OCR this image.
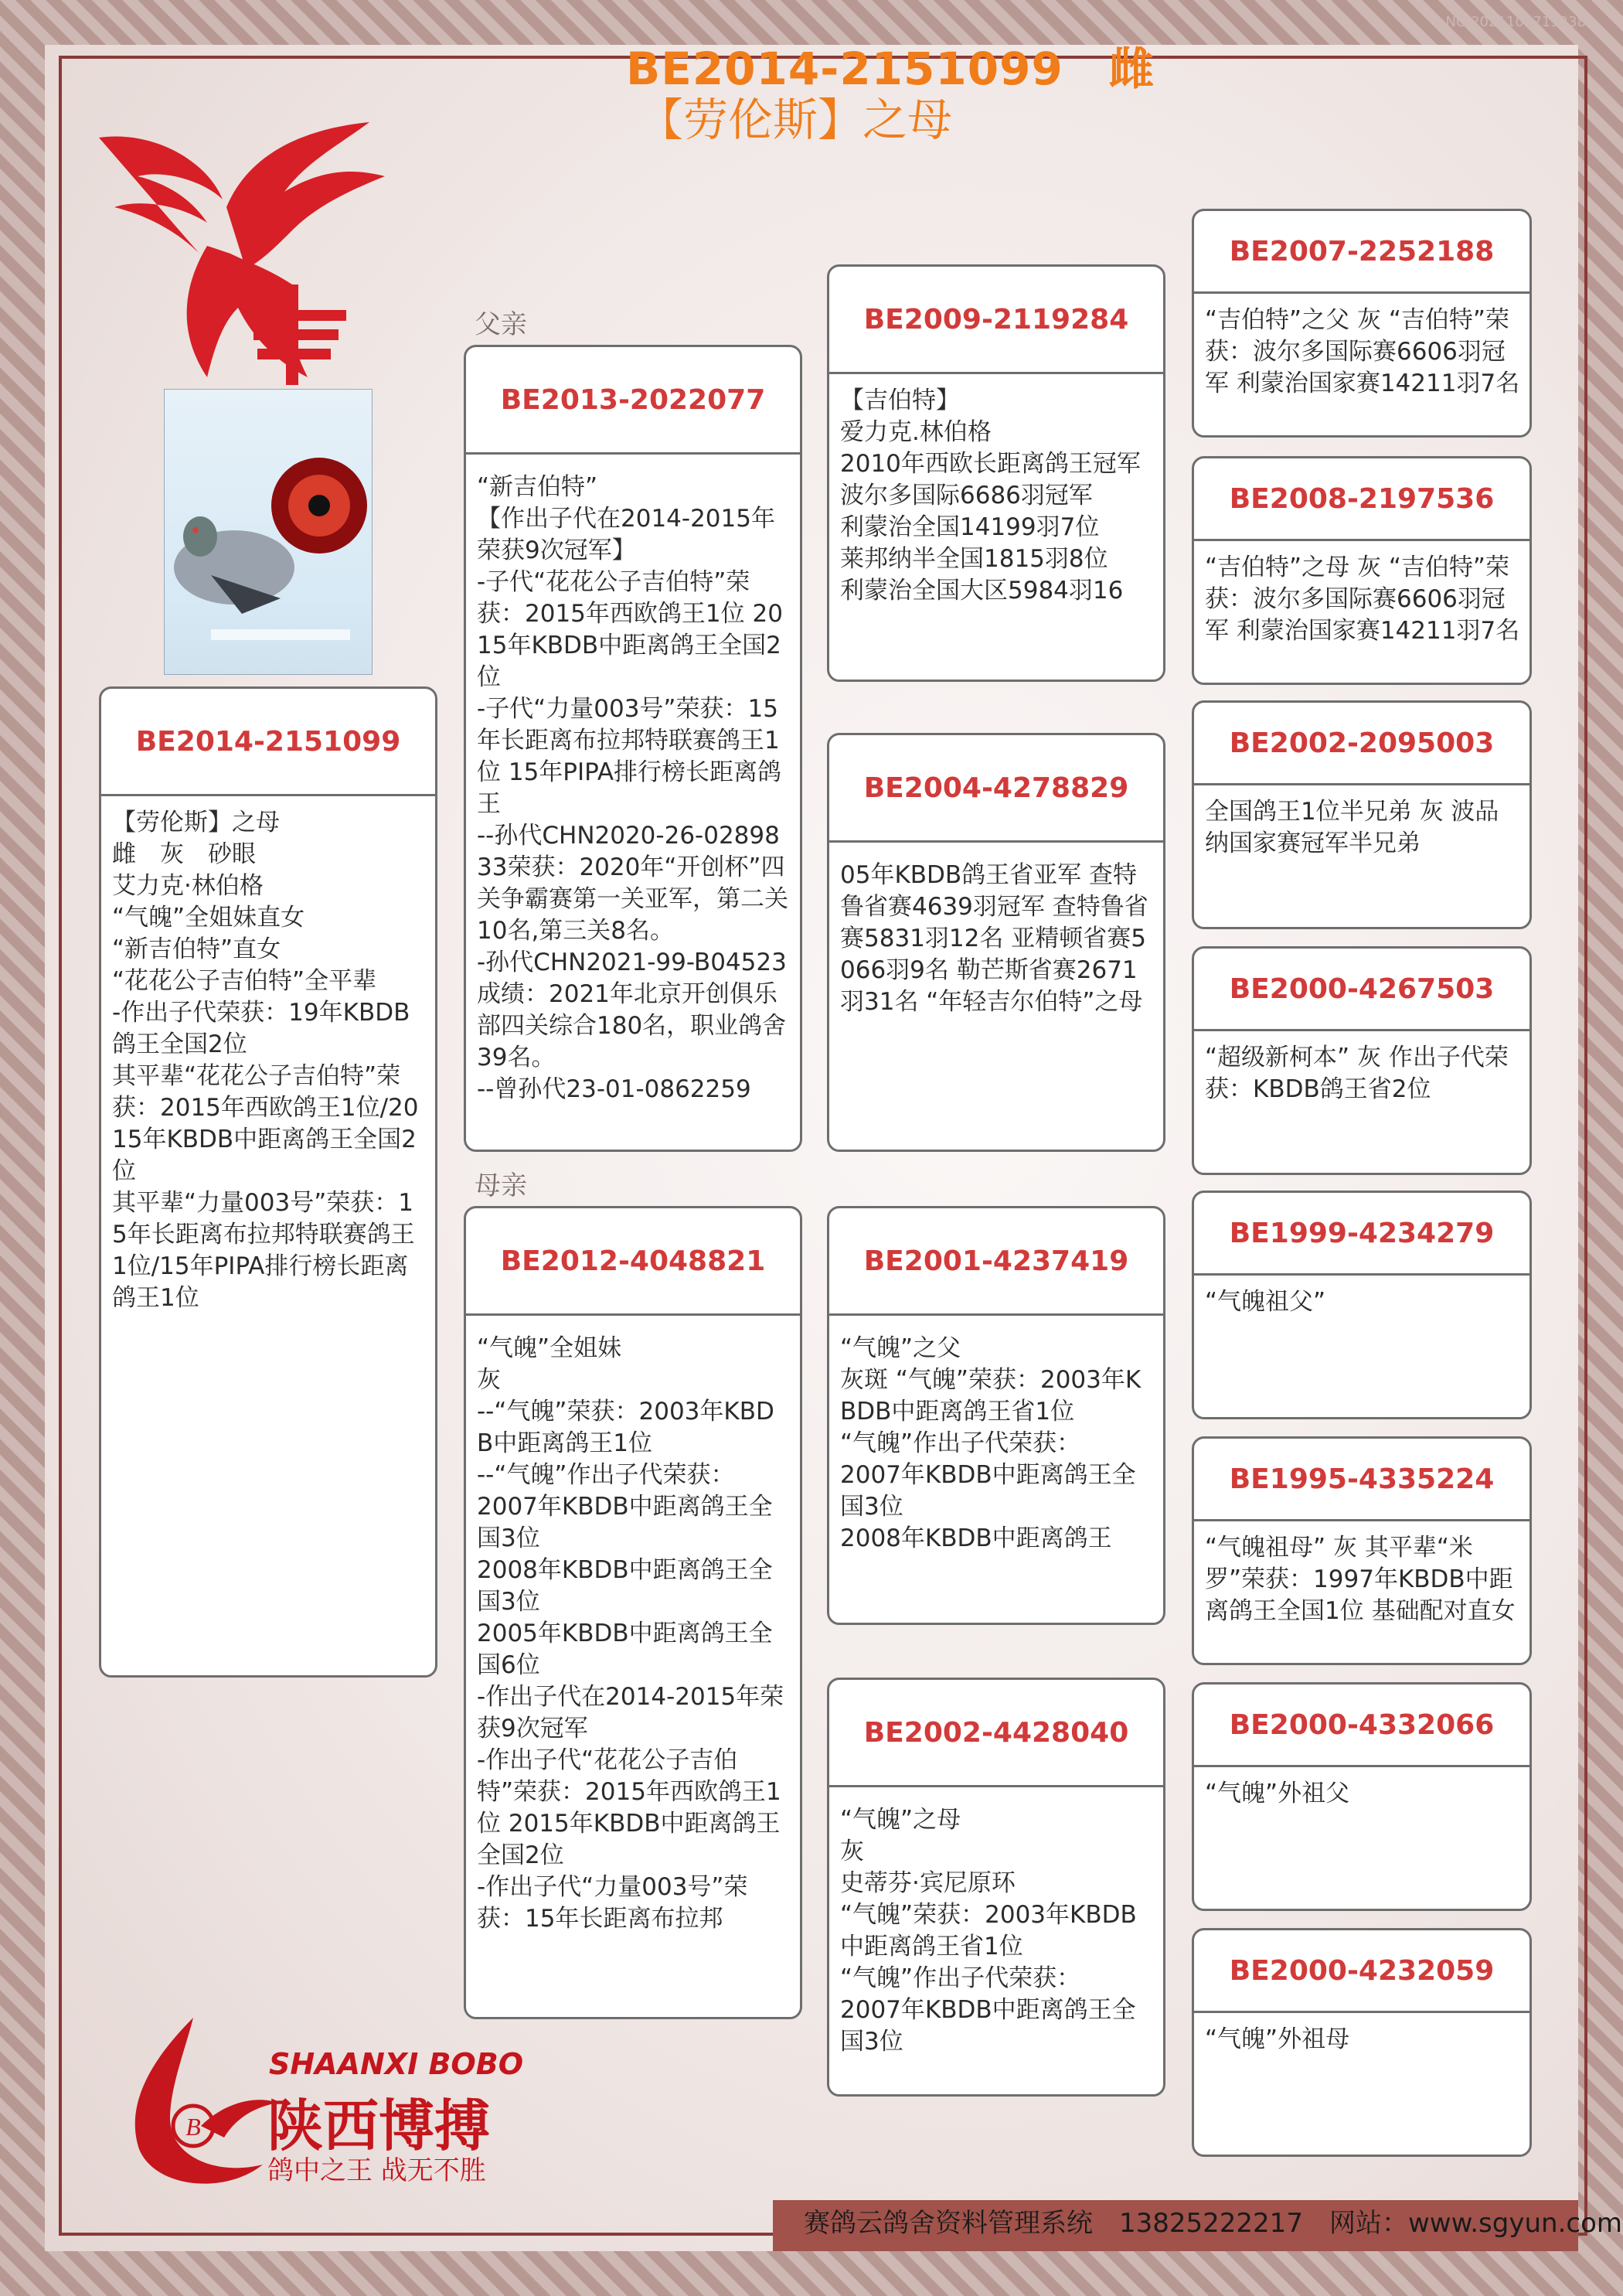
NO.20211007192​38
BE2014-2151099　雌
【劳伦斯】之母
父亲
母亲
BE2014-2151099
【劳伦斯】之母
雌　灰　砂眼
艾力克·林伯格
“气魄”全姐妹直女
“新吉伯特”直女
“花花公子吉伯特”全平辈
-作出子代荣获：19年KBDB鸽王全国2位
其平辈“花花公子吉伯特”荣获：2015年西欧鸽王1位/2015年KBDB中距离鸽王全国2位
其平辈“力量003号”荣获：15年长距离布拉邦特联赛鸽王1位/15年PIPA排行榜长距离鸽王1位
BE2013-2022077
“新吉伯特”
【作出子代在2014-2015年荣获9次冠军】
-子代“花花公子吉伯特”荣获：2015年西欧鸽王1位 2015年KBDB中距离鸽王全国2位
-子代“力量003号”荣获：15年长距离布拉邦特联赛鸽王1位 15年PIPA排行榜长距离鸽王
--孙代CHN2020-26-0289833荣获：2020年“开创杯”四关争霸赛第一关亚军，第二关10名,第三关8名。
-孙代CHN2021-99-B04523成绩：2021年北京开创俱乐部四关综合180名，职业鸽舍39名。
--曾孙代23-01-0862259
BE2012-4048821
“气魄”全姐妹
灰
--“气魄”荣获：2003年KBDB中距离鸽王1位
--“气魄”作出子代荣获：
2007年KBDB中距离鸽王全国3位
2008年KBDB中距离鸽王全国3位
2005年KBDB中距离鸽王全国6位
-作出子代在2014-2015年荣获9次冠军
-作出子代“花花公子吉伯特”荣获：2015年西欧鸽王1位 2015年KBDB中距离鸽王全国2位
-作出子代“力量003号”荣获：15年长距离布拉邦
BE2009-2119284
【吉伯特】
爱力克.林伯格
2010年西欧长距离鸽王冠军
波尔多国际6686羽冠军
利蒙治全国14199羽7位
莱邦纳半全国1815羽8位
利蒙治全国大区5984羽16
BE2004-4278829
05年KBDB鸽王省亚军 查特鲁省赛4639羽冠军 查特鲁省赛5831羽12名 亚精顿省赛5066羽9名 勒芒斯省赛2671羽31名 “年轻吉尔伯特”之母
BE2001-4237419
“气魄”之父
灰斑 “气魄”荣获：2003年KBDB中距离鸽王省1位
“气魄”作出子代荣获：
2007年KBDB中距离鸽王全国3位
2008年KBDB中距离鸽王
BE2002-4428040
“气魄”之母
灰
史蒂芬·宾尼原环
“气魄”荣获：2003年KBDB中距离鸽王省1位
“气魄”作出子代荣获：
2007年KBDB中距离鸽王全国3位
BE2007-2252188
“吉伯特”之父 灰 “吉伯特”荣获：波尔多国际赛6606羽冠军 利蒙治国家赛14211羽7名
BE2008-2197536
“吉伯特”之母 灰 “吉伯特”荣获：波尔多国际赛6606羽冠军 利蒙治国家赛14211羽7名
BE2002-2095003
全国鸽王1位半兄弟 灰 波品纳国家赛冠军半兄弟
BE2000-4267503
“超级新柯本” 灰 作出子代荣获：KBDB鸽王省2位
BE1999-4234279
“气魄祖父”
BE1995-4335224
“气魄祖母” 灰 其平辈“米罗”荣获：1997年KBDB中距离鸽王全国1位 基础配对直女
BE2000-4332066
“气魄”外祖父
BE2000-4232059
“气魄”外祖母
B
SHAANXI BOBO
陕西博搏
鸽中之王 战无不胜
赛鸽云鸽舍资料管理系统　13825222217　网站：www.sgyun.com
